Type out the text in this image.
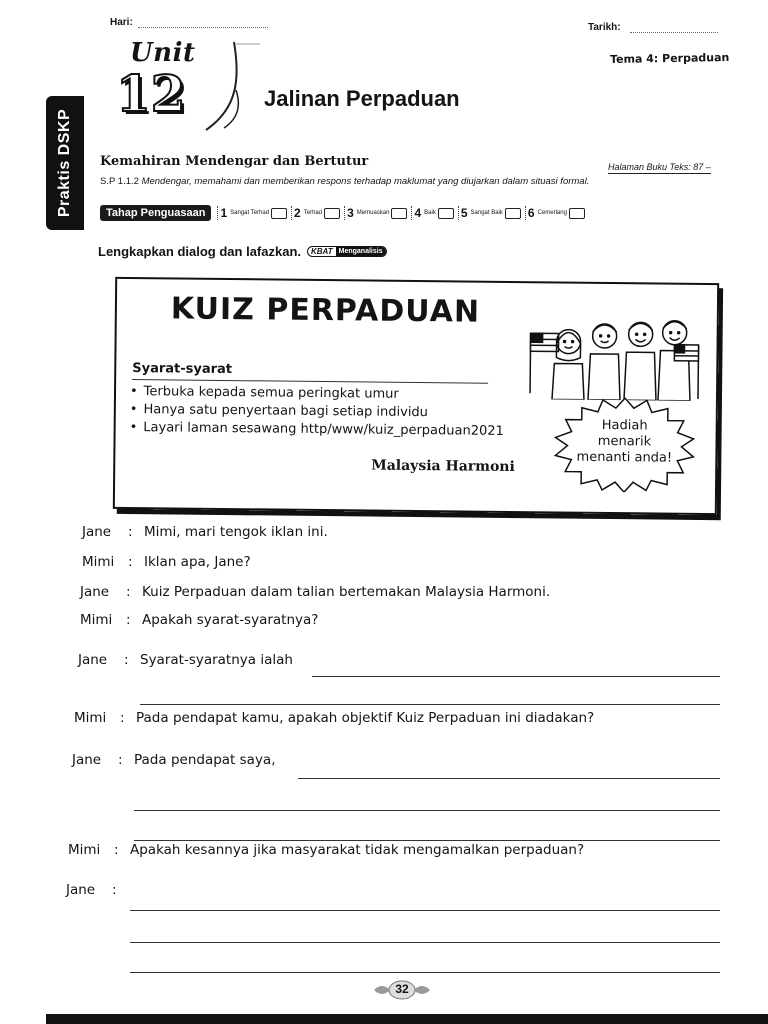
Hari:	Tarikh:
Unit
12	Jalinan Perpaduan
Tema 4: Perpaduan
Praktis DSKP Kemahiran Mendengar dan Bertutur	Halaman Buku Teks: 87 –
S.P 1.1.2 Mendengar, memahami dan memberikan respons terhadap maklumat yang diujarkan dalam situasi formal.
Tahap Penguasaan	1 Sangat Terhad 2 Terhad 3 Memuaskan 4 Baik 5 Sangat Baik 6 Cemerlang
Lengkapkan dialog dan lafazkan.	KBAT Menganalisis
KUIZ PERPADUAN
Syarat-syarat
• Terbuka kepada semua peringkat umur
• Hanya satu penyertaan bagi setiap individu
• Layari laman sesawang http/www/kuiz_perpaduan2021
Malaysia Harmoni
Hadiah
menarik
menanti anda!
Jane	: Mimi, mari tengok iklan ini.
Mimi	: Iklan apa, Jane?
Jane	: Kuiz Perpaduan dalam talian bertemakan Malaysia Harmoni.
Mimi	: Apakah syarat-syaratnya?
Jane	: Syarat-syaratnya ialah
Mimi	: Pada pendapat kamu, apakah objektif Kuiz Perpaduan ini diadakan?
Jane	: Pada pendapat saya,
Mimi	: Apakah kesannya jika masyarakat tidak mengamalkan perpaduan?
Jane	:
32
